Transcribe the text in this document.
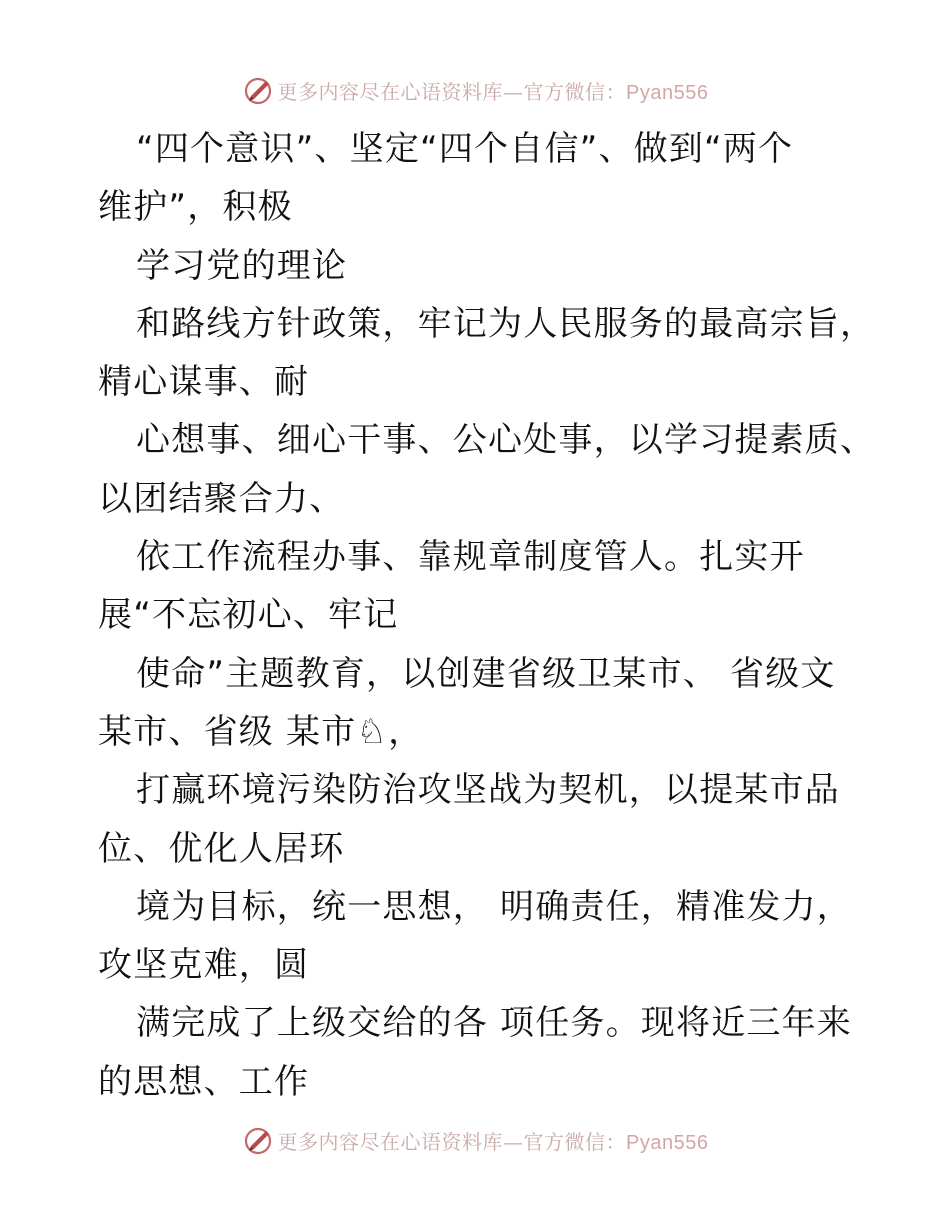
更多内容尽在心语资料库—官方微信：Pyan556
“四个意识”、坚定“四个自信”、做到“两个
维护”，积极
学习党的理论
和路线方针政策，牢记为人民服务的最高宗旨，
精心谋事、耐
心想事、细心干事、公心处事，以学习提素质、
以团结聚合力、
依工作流程办事、靠规章制度管人。扎实开
展“不忘初心、牢记
使命”主题教育，以创建省级卫某市、 省级文
某市、省级 某市♘，
打赢环境污染防治攻坚战为契机，以提某市品
位、优化人居环
境为目标，统一思想， 明确责任，精准发力，
攻坚克难，圆
满完成了上级交给的各 项任务。现将近三年来
的思想、工作
更多内容尽在心语资料库—官方微信：Pyan556
